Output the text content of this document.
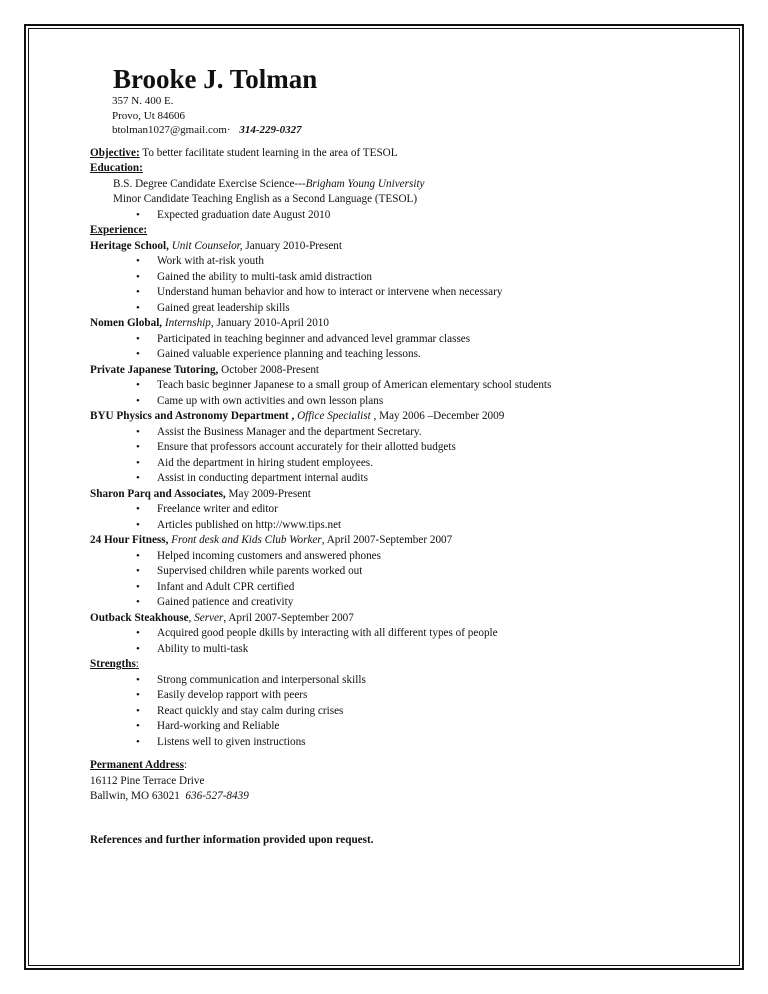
Brooke J. Tolman
357 N. 400 E.
Provo, Ut 84606
btolman1027@gmail.com· 314-229-0327
Objective: To better facilitate student learning in the area of TESOL
Education:
B.S. Degree Candidate Exercise Science---Brigham Young University
Minor Candidate Teaching English as a Second Language (TESOL)
• Expected graduation date August 2010
Experience:
Heritage School, Unit Counselor, January 2010-Present
• Work with at-risk youth
• Gained the ability to multi-task amid distraction
• Understand human behavior and how to interact or intervene when necessary
• Gained great leadership skills
Nomen Global, Internship, January 2010-April 2010
• Participated in teaching beginner and advanced level grammar classes
• Gained valuable experience planning and teaching lessons.
Private Japanese Tutoring, October 2008-Present
• Teach basic beginner Japanese to a small group of American elementary school students
• Came up with own activities and own lesson plans
BYU Physics and Astronomy Department , Office Specialist , May 2006 –December 2009
• Assist the Business Manager and the department Secretary.
• Ensure that professors account accurately for their allotted budgets
• Aid the department in hiring student employees.
• Assist in conducting department internal audits
Sharon Parq and Associates, May 2009-Present
• Freelance writer and editor
• Articles published on http://www.tips.net
24 Hour Fitness, Front desk and Kids Club Worker, April 2007-September 2007
• Helped incoming customers and answered phones
• Supervised children while parents worked out
• Infant and Adult CPR certified
• Gained patience and creativity
Outback Steakhouse, Server, April 2007-September 2007
• Acquired good people dkills by interacting with all different types of people
• Ability to multi-task
Strengths:
• Strong communication and interpersonal skills
• Easily develop rapport with peers
• React quickly and stay calm during crises
• Hard-working and Reliable
• Listens well to given instructions
Permanent Address:
16112 Pine Terrace Drive
Ballwin, MO 63021 636-527-8439
References and further information provided upon request.
